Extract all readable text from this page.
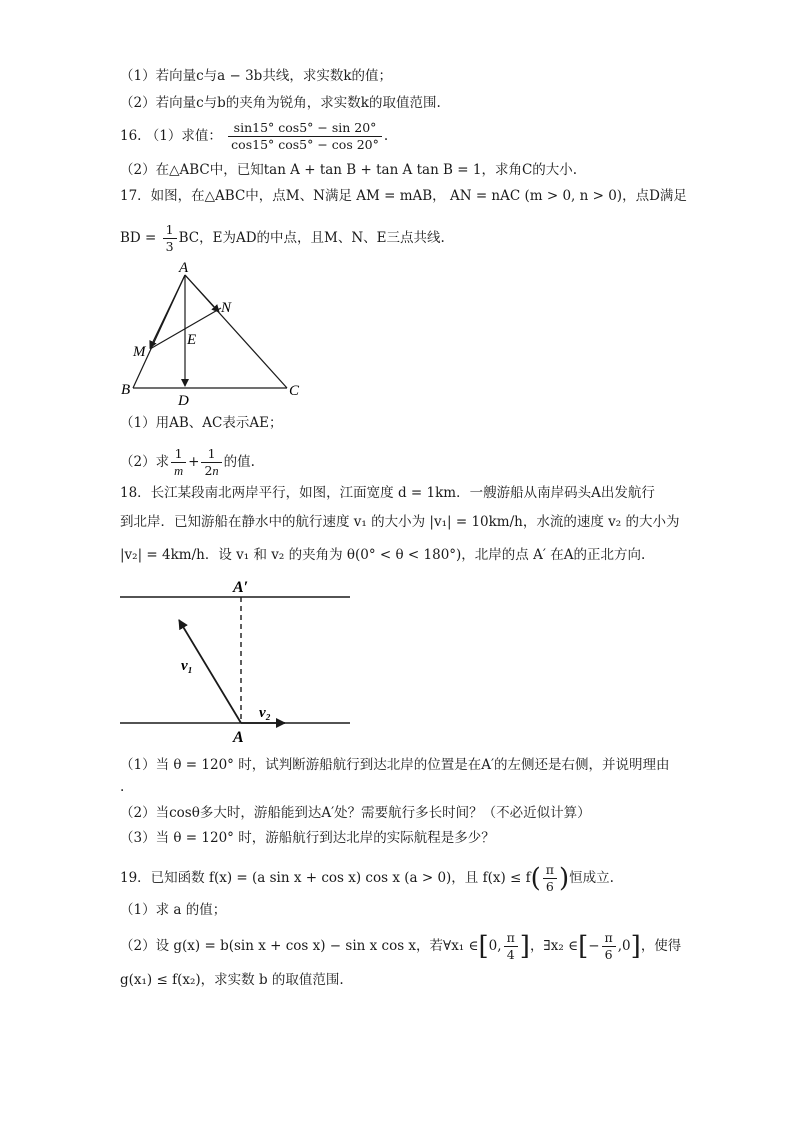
（1）若向量c与a − 3b共线，求实数k的值；
（2）若向量c与b的夹角为锐角，求实数k的取值范围.
16. （1）求值： $\frac{\sin 15^\circ \cos 5^\circ - \sin 20^\circ}{\cos 15^\circ \cos 5^\circ - \cos 20^\circ}$ .
（2）在△ABC中，已知tan A + tan B + tan A tan B = 1，求角C的大小.
17．如图，在△ABC中，点M、N满足 AM = mAB， AN = nAC (m > 0, n > 0)，点D满足
BD = $\frac{1}{3}$ BC，E为AD的中点，且M、N、E三点共线.
A
B	C
D
E
M
N
（1）用AB、AC表示AE；
（2）求 $\frac{1}{m} + \frac{1}{2n}$ 的值.
18．长江某段南北两岸平行，如图，江面宽度 d = 1km．一艘游船从南岸码头A出发航行
到北岸．已知游船在静水中的航行速度 v₁ 的大小为 |v₁| = 10km/h，水流的速度 v₂ 的大小为
|v₂| = 4km/h．设 v₁ 和 v₂ 的夹角为 θ(0° < θ < 180°)，北岸的点 A′ 在A的正北方向.
A′
A
v₁
v₂
（1）当 θ = 120° 时，试判断游船航行到达北岸的位置是在A′的左侧还是右侧，并说明理由
.
（2）当cosθ多大时，游船能到达A′处？需要航行多长时间？（不必近似计算）
（3）当 θ = 120° 时，游船航行到达北岸的实际航程是多少？
19．已知函数 f(x) = (a sin x + cos x) cos x (a > 0)，且 $f(x) \le f( \frac{\pi}{6}$ )恒成立.
（1）求 a 的值；
（2）设 g(x) = b(sin x + cos x) − sin x cos x，若∀x₁ ∈[0, $\frac{\pi}{4}$ ]，∃x₂ ∈[− $\frac{\pi}{6} ,0$]，使得
g(x₁) ≤ f(x₂)，求实数 b 的取值范围.
